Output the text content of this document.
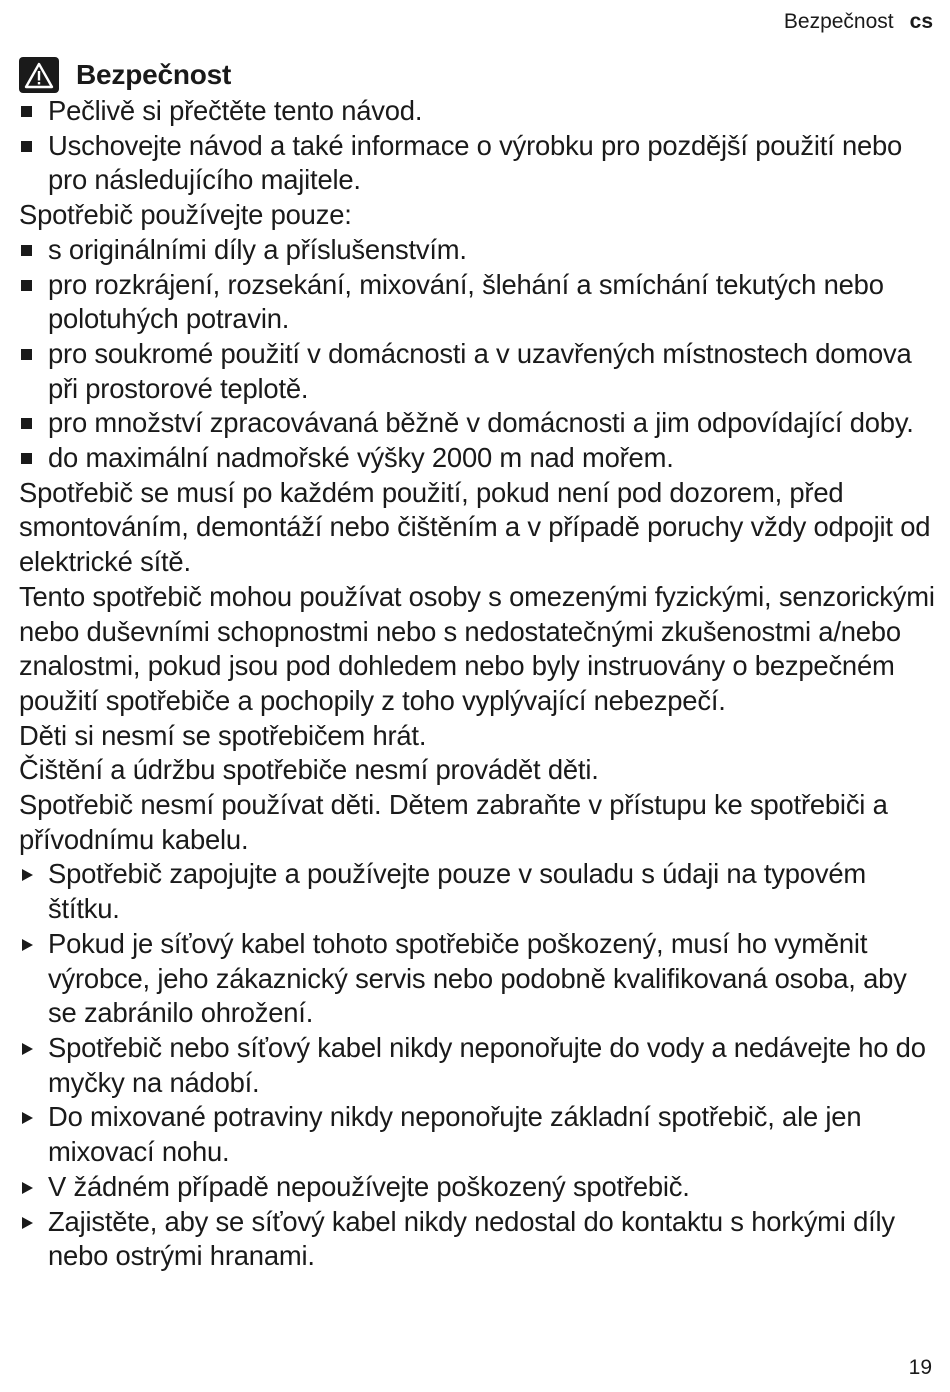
Bezpečnost cs
Bezpečnost
Pečlivě si přečtěte tento návod.
Uschovejte návod a také informace o výrobku pro pozdější použití nebo pro následujícího majitele.
Spotřebič používejte pouze:
s originálními díly a příslušenstvím.
pro rozkrájení, rozsekání, mixování, šlehání a smíchání tekutých nebo polotuhých potravin.
pro soukromé použití v domácnosti a v uzavřených místnostech domova při prostorové teplotě.
pro množství zpracovávaná běžně v domácnosti a jim odpovídající doby.
do maximální nadmořské výšky 2000 m nad mořem.
Spotřebič se musí po každém použití, pokud není pod dozorem, před smontováním, demontáží nebo čištěním a v případě poruchy vždy odpojit od elektrické sítě.
Tento spotřebič mohou používat osoby s omezenými fyzickými, senzorickými nebo duševními schopnostmi nebo s nedostatečnými zkušenostmi a/nebo znalostmi, pokud jsou pod dohledem nebo byly instruovány o bezpečném použití spotřebiče a pochopily z toho vyplývající nebezpečí.
Děti si nesmí se spotřebičem hrát.
Čištění a údržbu spotřebiče nesmí provádět děti.
Spotřebič nesmí používat děti. Dětem zabraňte v přístupu ke spotřebiči a přívodnímu kabelu.
Spotřebič zapojujte a používejte pouze v souladu s údaji na typovém štítku.
Pokud je síťový kabel tohoto spotřebiče poškozený, musí ho vyměnit výrobce, jeho zákaznický servis nebo podobně kvalifikovaná osoba, aby se zabránilo ohrožení.
Spotřebič nebo síťový kabel nikdy neponořujte do vody a nedávejte ho do myčky na nádobí.
Do mixované potraviny nikdy neponořujte základní spotřebič, ale jen mixovací nohu.
V žádném případě nepoužívejte poškozený spotřebič.
Zajistěte, aby se síťový kabel nikdy nedostal do kontaktu s horkými díly nebo ostrými hranami.
19
